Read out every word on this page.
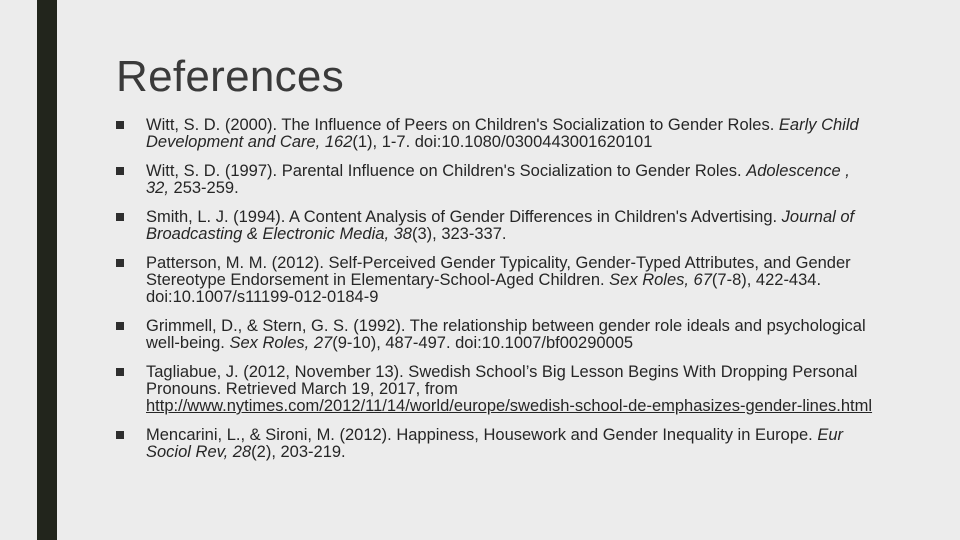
References
Witt, S. D. (2000). The Influence of Peers on Children's Socialization to Gender Roles. Early Child Development and Care, 162(1), 1-7. doi:10.1080/0300443001620101
Witt, S. D. (1997). Parental Influence on Children's Socialization to Gender Roles. Adolescence , 32, 253-259.
Smith, L. J. (1994). A Content Analysis of Gender Differences in Children's Advertising. Journal of Broadcasting & Electronic Media, 38(3), 323-337.
Patterson, M. M. (2012). Self-Perceived Gender Typicality, Gender-Typed Attributes, and Gender Stereotype Endorsement in Elementary-School-Aged Children. Sex Roles, 67(7-8), 422-434. doi:10.1007/s11199-012-0184-9
Grimmell, D., & Stern, G. S. (1992). The relationship between gender role ideals and psychological well-being. Sex Roles, 27(9-10), 487-497. doi:10.1007/bf00290005
Tagliabue, J. (2012, November 13). Swedish School’s Big Lesson Begins With Dropping Personal Pronouns. Retrieved March 19, 2017, from http://www.nytimes.com/2012/11/14/world/europe/swedish-school-de-emphasizes-gender-lines.html
Mencarini, L., & Sironi, M. (2012). Happiness, Housework and Gender Inequality in Europe. Eur Sociol Rev, 28(2), 203-219.
